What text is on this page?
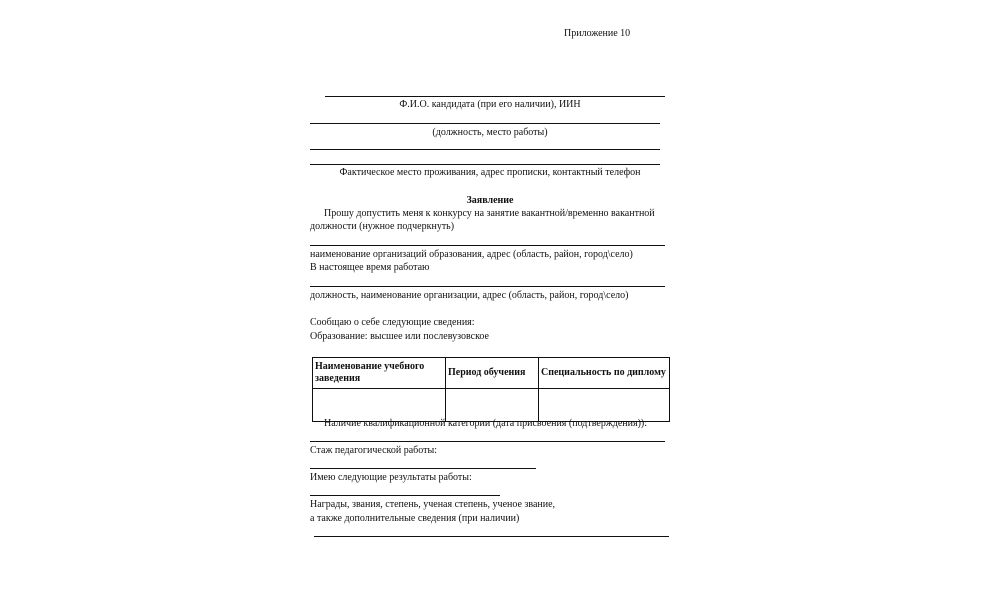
Приложение 10
Ф.И.О. кандидата (при его наличии), ИИН
(должность, место работы)
Фактическое место проживания, адрес прописки, контактный телефон
Заявление
Прошу допустить меня к конкурсу на занятие вакантной/временно вакантной
должности (нужное подчеркнуть)
наименование организаций образования, адрес (область, район, город\село)
В настоящее время работаю
должность, наименование организации, адрес (область, район, город\село)
Сообщаю о себе следующие сведения:
Образование: высшее или послевузовское
Наименование учебного заведения	Период обучения	Специальность по диплому

Наличие квалификационной категории (дата присвоения (подтверждения)):
Стаж педагогической работы:
Имею следующие результаты работы:
Награды, звания, степень, ученая степень, ученое звание,
а также дополнительные сведения (при наличии)
